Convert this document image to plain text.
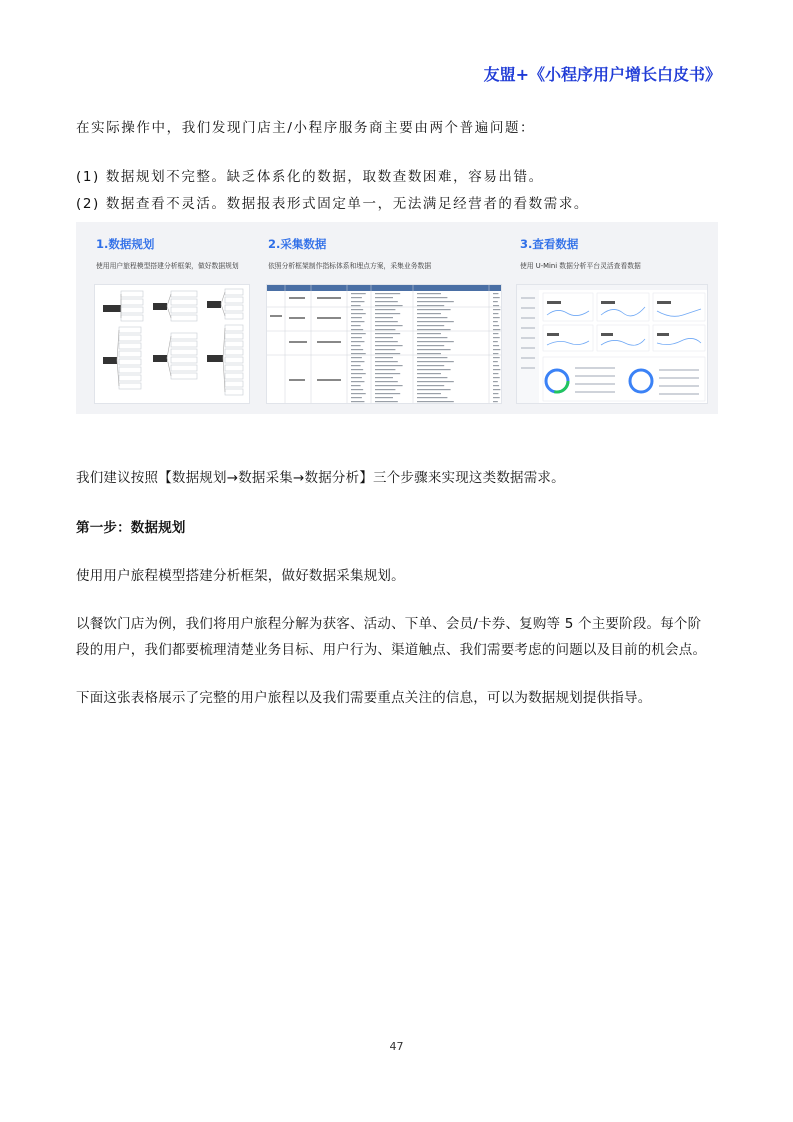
友盟+《小程序用户增长白皮书》
在实际操作中，我们发现门店主/小程序服务商主要由两个普遍问题：
(1) 数据规划不完整。缺乏体系化的数据，取数查数困难，容易出错。
(2) 数据查看不灵活。数据报表形式固定单一，无法满足经营者的看数需求。
1.数据规划
使用用户旅程模型搭建分析框架，做好数据规划
2.采集数据
依照分析框架制作指标体系和埋点方案，采集业务数据
3.查看数据
使用 U-Mini 数据分析平台灵活查看数据
我们建议按照【数据规划→数据采集→数据分析】三个步骤来实现这类数据需求。
第一步：数据规划
使用用户旅程模型搭建分析框架，做好数据采集规划。
以餐饮门店为例，我们将用户旅程分解为获客、活动、下单、会员/卡券、复购等 5 个主要阶段。每个阶
段的用户，我们都要梳理清楚业务目标、用户行为、渠道触点、我们需要考虑的问题以及目前的机会点。
下面这张表格展示了完整的用户旅程以及我们需要重点关注的信息，可以为数据规划提供指导。
47
